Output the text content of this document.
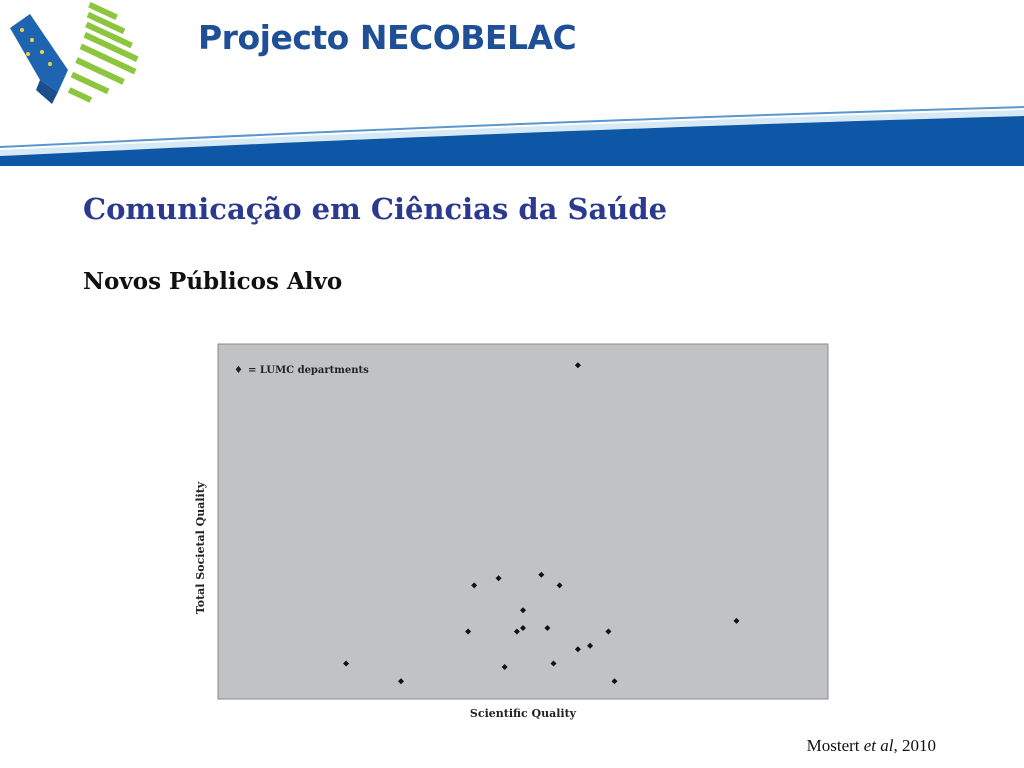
Projecto NECOBELAC
Comunicação em Ciências da Saúde
Novos Públicos Alvo
♦ = LUMC departments
Scientific Quality
Total Societal Quality
Mostert et al, 2010
